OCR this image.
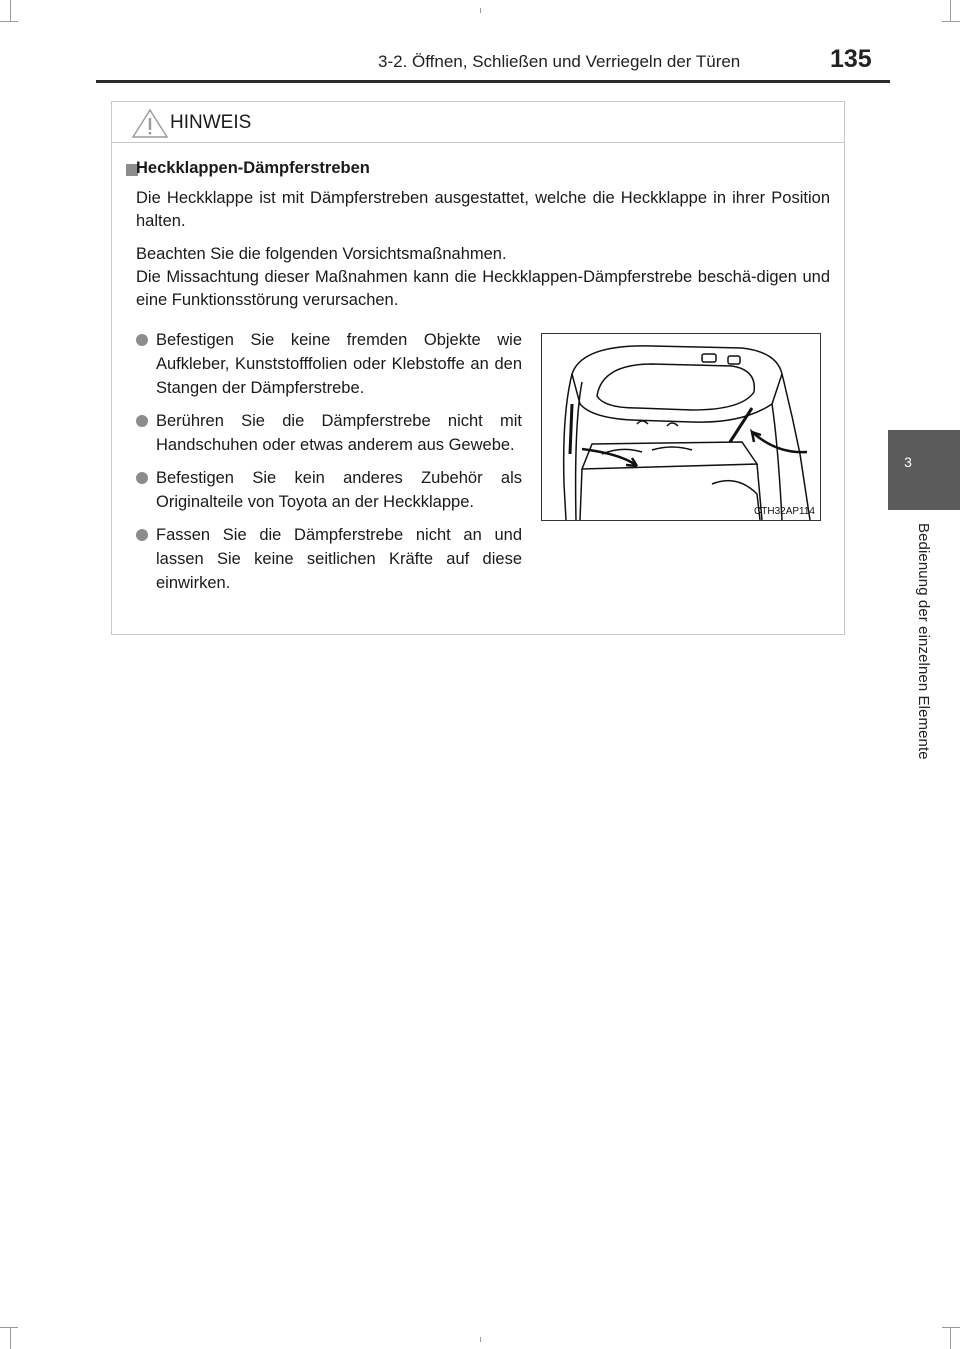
3-2. Öffnen, Schließen und Verriegeln der Türen	135
3
Bedienung der einzelnen Elemente
HINWEIS
Heckklappen-Dämpferstreben
Die Heckklappe ist mit Dämpferstreben ausgestattet, welche die Heckklappe in ihrer Position halten.
Beachten Sie die folgenden Vorsichtsmaßnahmen.
Die Missachtung dieser Maßnahmen kann die Heckklappen-Dämpferstrebe beschä-digen und eine Funktionsstörung verursachen.
Befestigen Sie keine fremden Objekte wie Aufkleber, Kunststofffolien oder Klebstoffe an den Stangen der Dämpferstrebe.
Berühren Sie die Dämpferstrebe nicht mit Handschuhen oder etwas anderem aus Gewebe.
Befestigen Sie kein anderes Zubehör als Originalteile von Toyota an der Heckklappe.
Fassen Sie die Dämpferstrebe nicht an und lassen Sie keine seitlichen Kräfte auf diese einwirken.
CTH32AP114
